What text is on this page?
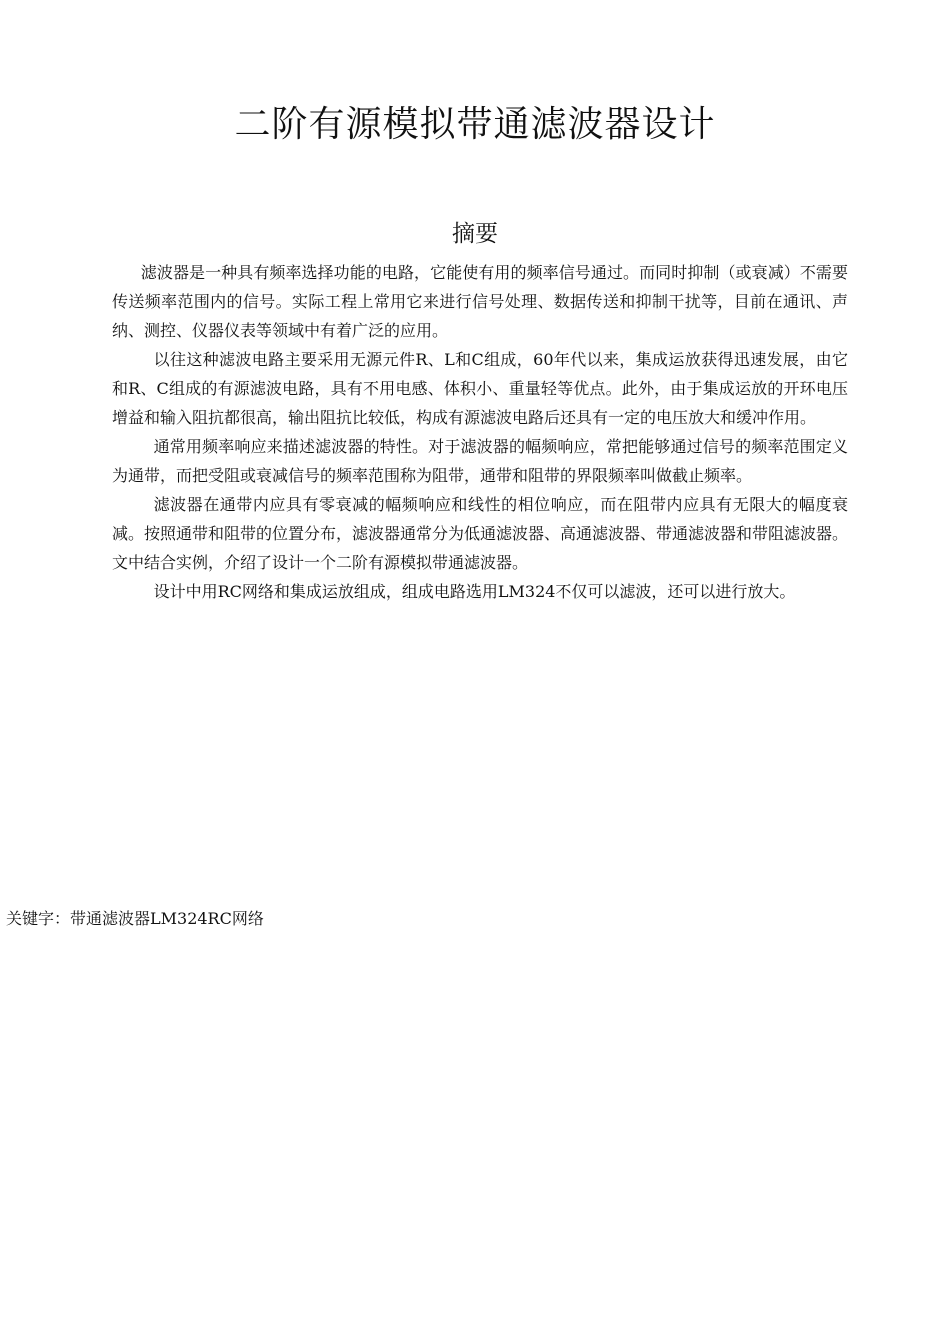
二阶有源模拟带通滤波器设计
摘要

滤波器是一种具有频率选择功能的电路，它能使有用的频率信号通过。而同时抑制（或衰减）不需要传送频率范围内的信号。实际工程上常用它来进行信号处理、数据传送和抑制干扰等，目前在通讯、声纳、测控、仪器仪表等领域中有着广泛的应用。

以往这种滤波电路主要采用无源元件R、L和C组成，60年代以来，集成运放获得迅速发展，由它和R、C组成的有源滤波电路，具有不用电感、体积小、重量轻等优点。此外，由于集成运放的开环电压增益和输入阻抗都很高，输出阻抗比较低，构成有源滤波电路后还具有一定的电压放大和缓冲作用。

通常用频率响应来描述滤波器的特性。对于滤波器的幅频响应，常把能够通过信号的频率范围定义为通带，而把受阻或衰减信号的频率范围称为阻带，通带和阻带的界限频率叫做截止频率。

滤波器在通带内应具有零衰减的幅频响应和线性的相位响应，而在阻带内应具有无限大的幅度衰减。按照通带和阻带的位置分布，滤波器通常分为低通滤波器、高通滤波器、带通滤波器和带阻滤波器。文中结合实例，介绍了设计一个二阶有源模拟带通滤波器。

设计中用RC网络和集成运放组成，组成电路选用LM324不仅可以滤波，还可以进行放大。

关键字：带通滤波器LM324RC网络
